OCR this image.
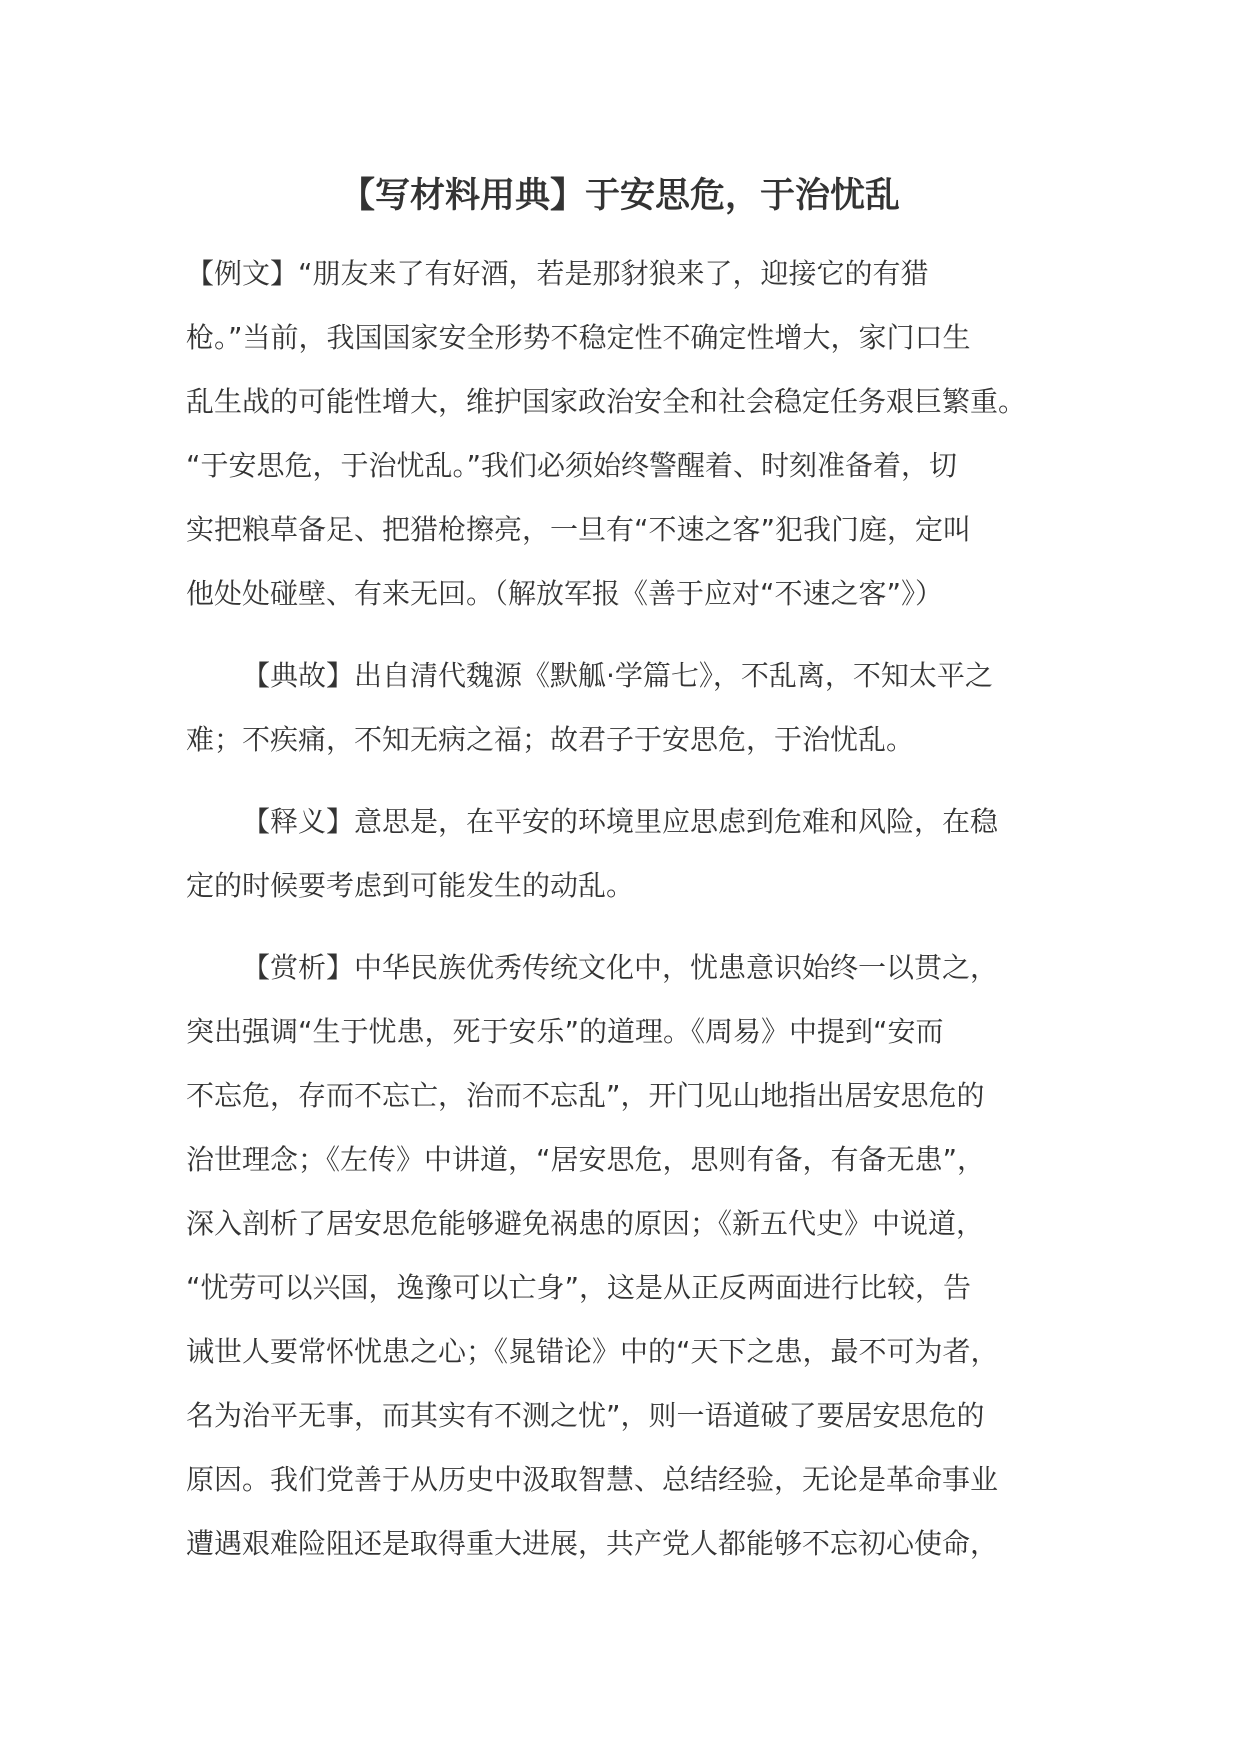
【写材料用典】于安思危，于治忧乱
【例文】“朋友来了有好酒，若是那豺狼来了，迎接它的有猎
枪。”当前，我国国家安全形势不稳定性不确定性增大，家门口生
乱生战的可能性增大，维护国家政治安全和社会稳定任务艰巨繁重。
“于安思危，于治忧乱。”我们必须始终警醒着、时刻准备着，切
实把粮草备足、把猎枪擦亮，一旦有“不速之客”犯我门庭，定叫
他处处碰壁、有来无回。（解放军报《善于应对“不速之客”》）
【典故】出自清代魏源《默觚·学篇七》，不乱离，不知太平之
难；不疾痛，不知无病之福；故君子于安思危，于治忧乱。
【释义】意思是，在平安的环境里应思虑到危难和风险，在稳
定的时候要考虑到可能发生的动乱。
【赏析】中华民族优秀传统文化中，忧患意识始终一以贯之，
突出强调“生于忧患，死于安乐”的道理。《周易》中提到“安而
不忘危，存而不忘亡，治而不忘乱”，开门见山地指出居安思危的
治世理念；《左传》中讲道，“居安思危，思则有备，有备无患”，
深入剖析了居安思危能够避免祸患的原因；《新五代史》中说道，
“忧劳可以兴国，逸豫可以亡身”，这是从正反两面进行比较，告
诫世人要常怀忧患之心；《晁错论》中的“天下之患，最不可为者，
名为治平无事，而其实有不测之忧”，则一语道破了要居安思危的
原因。我们党善于从历史中汲取智慧、总结经验，无论是革命事业
遭遇艰难险阻还是取得重大进展，共产党人都能够不忘初心使命，
